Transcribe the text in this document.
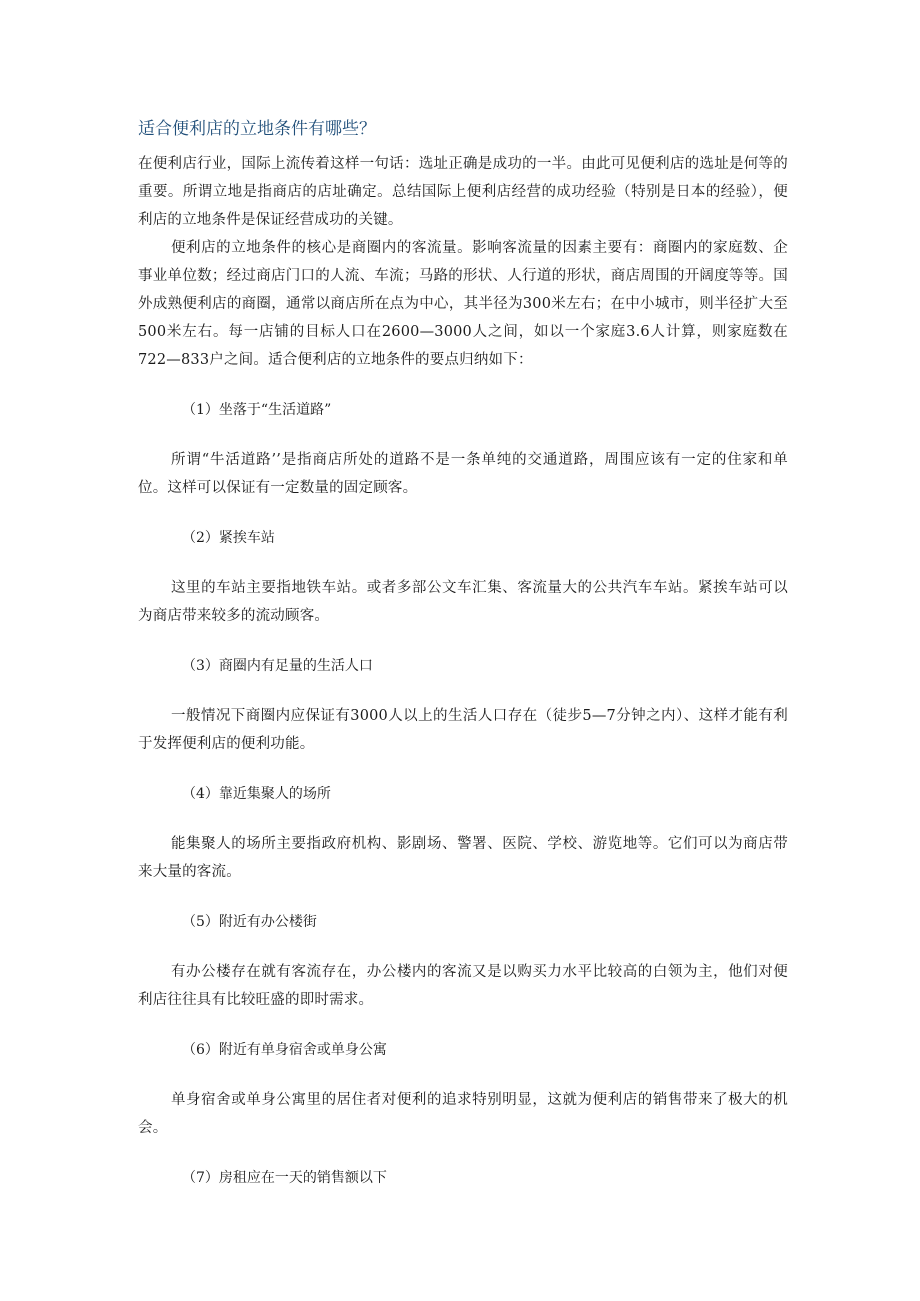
适合便利店的立地条件有哪些？

在便利店行业，国际上流传着这样一句话：选址正确是成功的一半。由此可见便利店的选址是何等的重要。所谓立地是指商店的店址确定。总结国际上便利店经营的成功经验（特别是日本的经验），便利店的立地条件是保证经营成功的关键。

便利店的立地条件的核心是商圈内的客流量。影响客流量的因素主要有：商圈内的家庭数、企事业单位数；经过商店门口的人流、车流；马路的形状、人行道的形状，商店周围的开阔度等等。国外成熟便利店的商圈，通常以商店所在点为中心，其半径为300米左右；在中小城市，则半径扩大至500米左右。每一店铺的目标人口在2600—3000人之间，如以一个家庭3.6人计算，则家庭数在722—833户之间。适合便利店的立地条件的要点归纳如下：

（1）坐落于“生活道路”

所谓“牛活道路’’是指商店所处的道路不是一条单纯的交通道路，周围应该有一定的住家和单位。这样可以保证有一定数量的固定顾客。

（2）紧挨车站

这里的车站主要指地铁车站。或者多部公文车汇集、客流量大的公共汽车车站。紧挨车站可以为商店带来较多的流动顾客。

（3）商圈内有足量的生活人口

一般情况下商圈内应保证有3000人以上的生活人口存在（徒步5—7分钟之内）、这样才能有利于发挥便利店的便利功能。

（4）靠近集聚人的场所

能集聚人的场所主要指政府机构、影剧场、警署、医院、学校、游览地等。它们可以为商店带来大量的客流。

（5）附近有办公楼街

有办公楼存在就有客流存在，办公楼内的客流又是以购买力水平比较高的白领为主，他们对便利店往往具有比较旺盛的即时需求。

（6）附近有单身宿舍或单身公寓

单身宿舍或单身公寓里的居住者对便利的追求特别明显，这就为便利店的销售带来了极大的机会。

（7）房租应在一天的销售额以下
